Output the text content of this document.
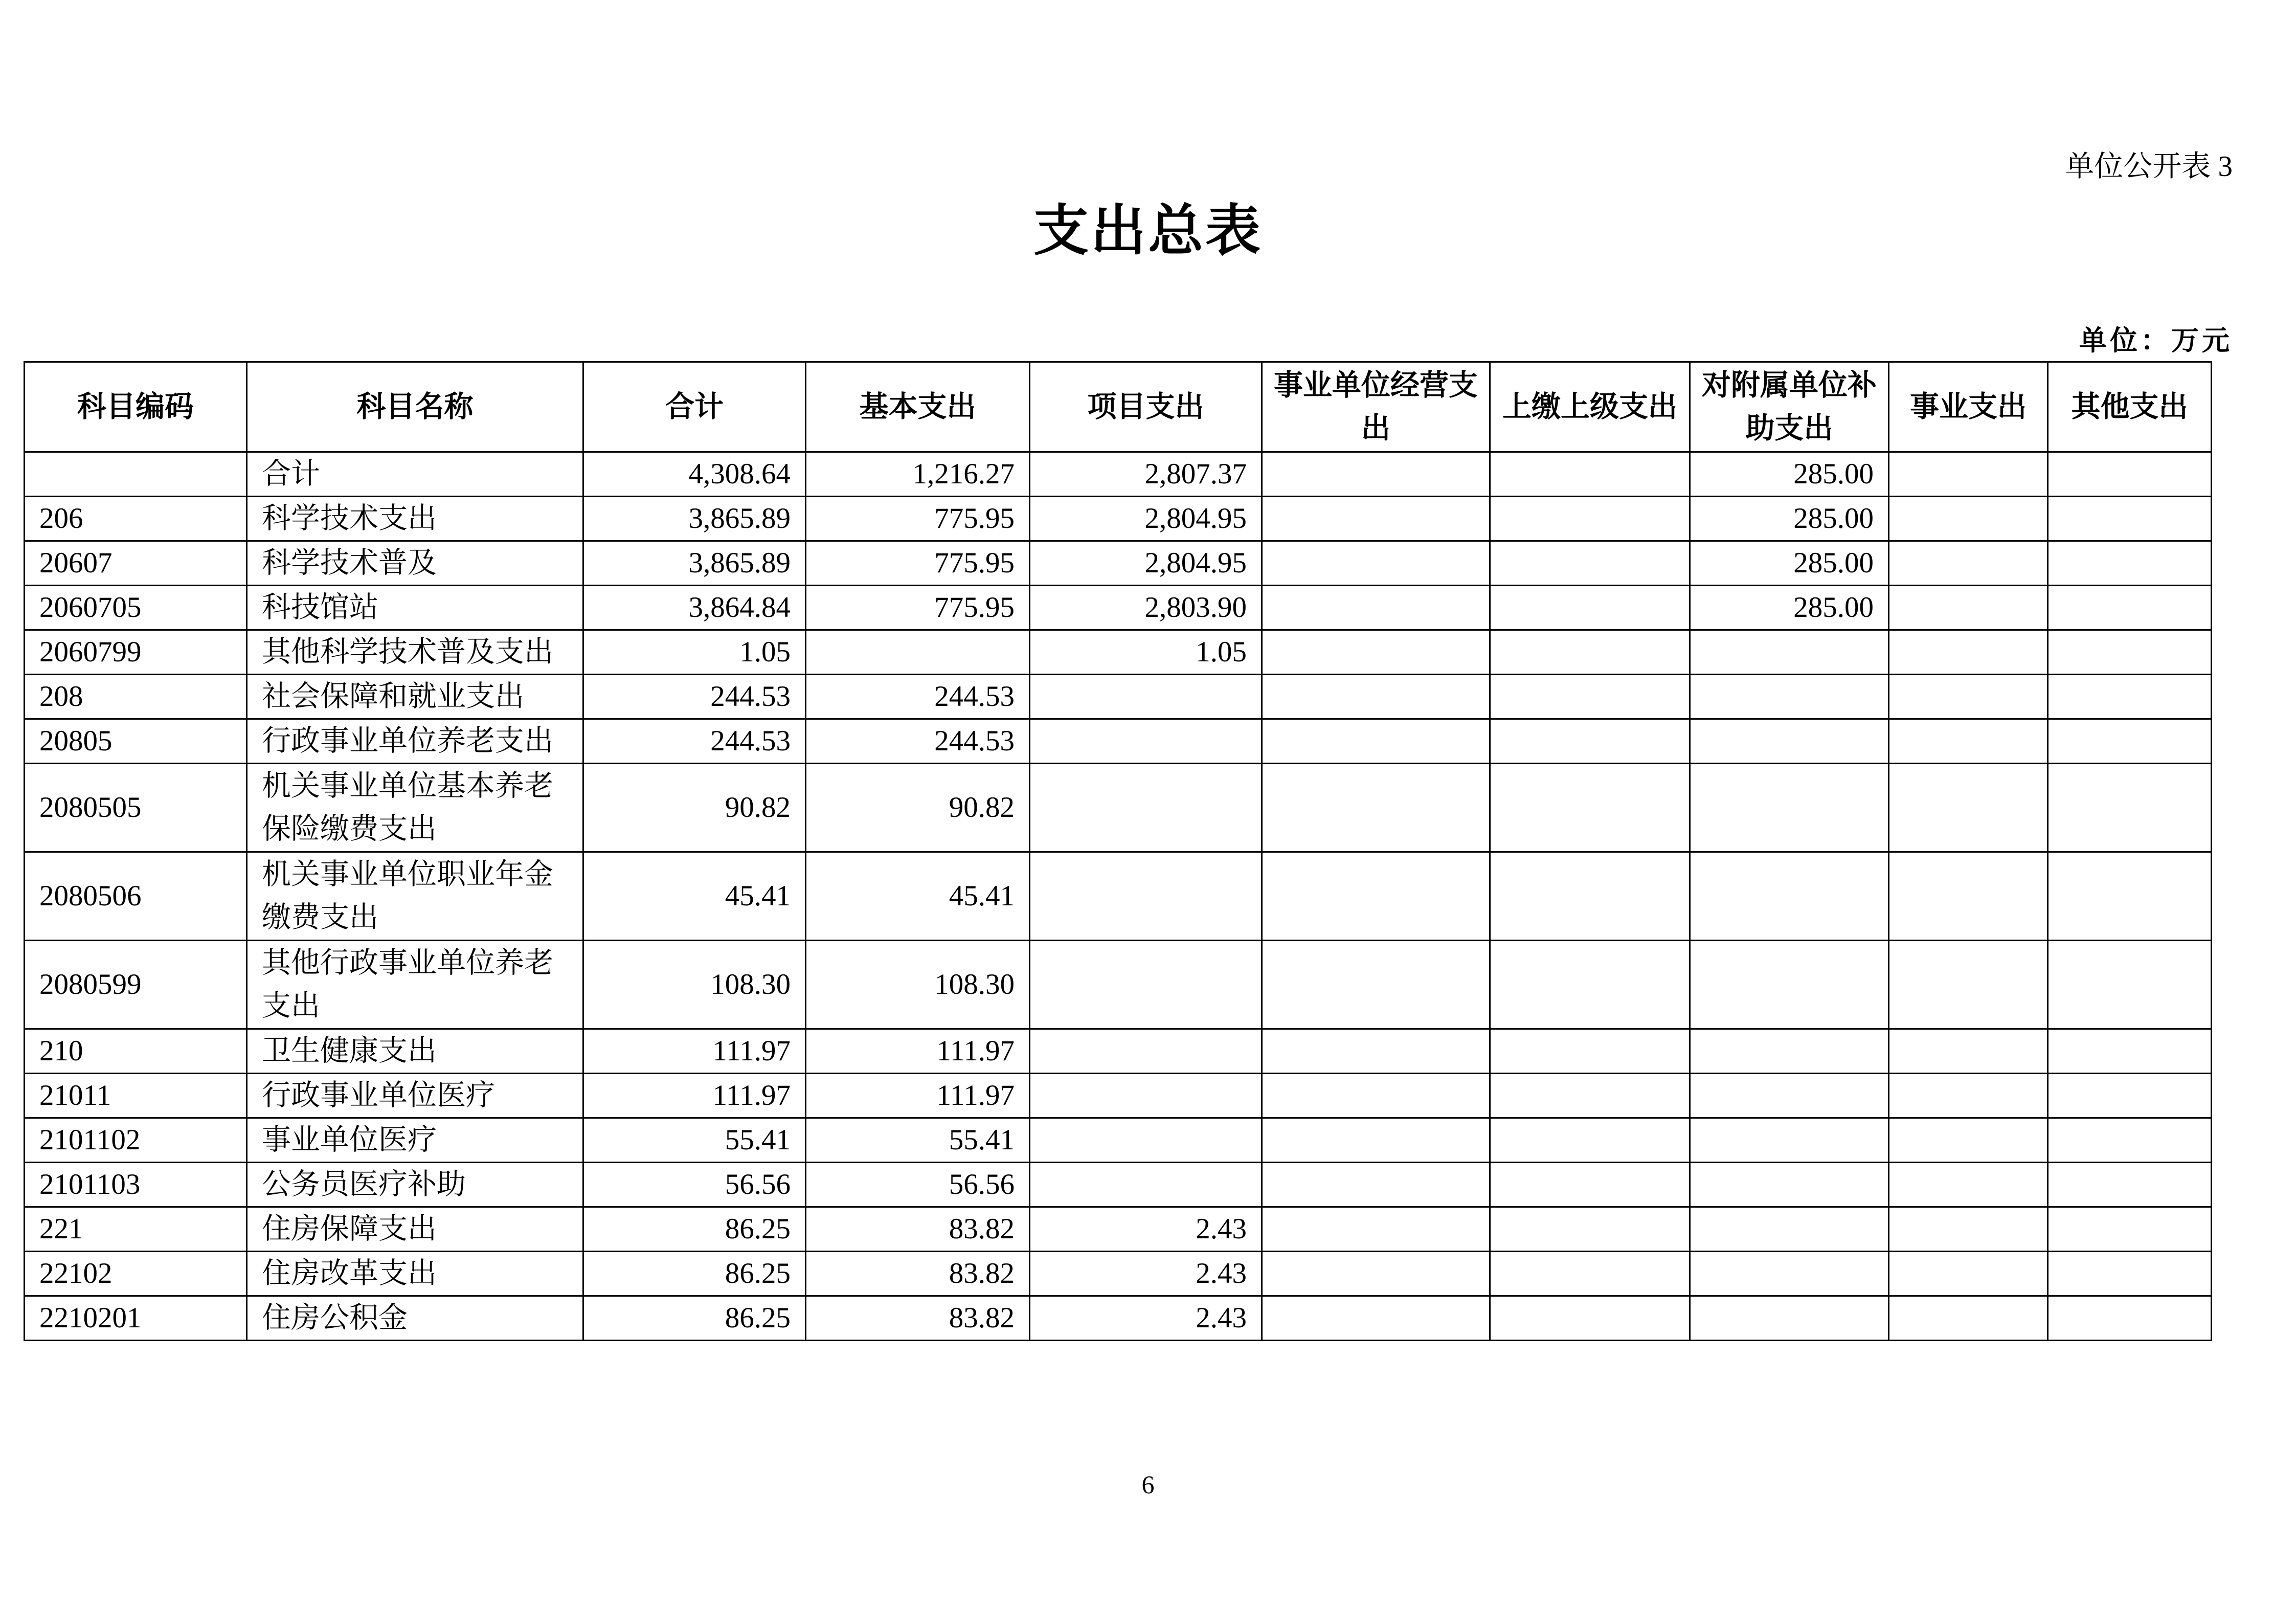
单位公开表 3
支出总表
单位：万元
科目编码	科目名称	合计	基本支出	项目支出	事业单位经营支出	上缴上级支出	对附属单位补助支出	事业支出	其他支出
	合计	4,308.64	1,216.27	2,807.37			285.00		
206	科学技术支出	3,865.89	775.95	2,804.95			285.00		
20607	科学技术普及	3,865.89	775.95	2,804.95			285.00		
2060705	科技馆站	3,864.84	775.95	2,803.90			285.00		
2060799	其他科学技术普及支出	1.05		1.05					
208	社会保障和就业支出	244.53	244.53						
20805	行政事业单位养老支出	244.53	244.53						
2080505	机关事业单位基本养老保险缴费支出	90.82	90.82						
2080506	机关事业单位职业年金缴费支出	45.41	45.41						
2080599	其他行政事业单位养老支出	108.30	108.30						
210	卫生健康支出	111.97	111.97						
21011	行政事业单位医疗	111.97	111.97						
2101102	事业单位医疗	55.41	55.41						
2101103	公务员医疗补助	56.56	56.56						
221	住房保障支出	86.25	83.82	2.43					
22102	住房改革支出	86.25	83.82	2.43					
2210201	住房公积金	86.25	83.82	2.43					
6
